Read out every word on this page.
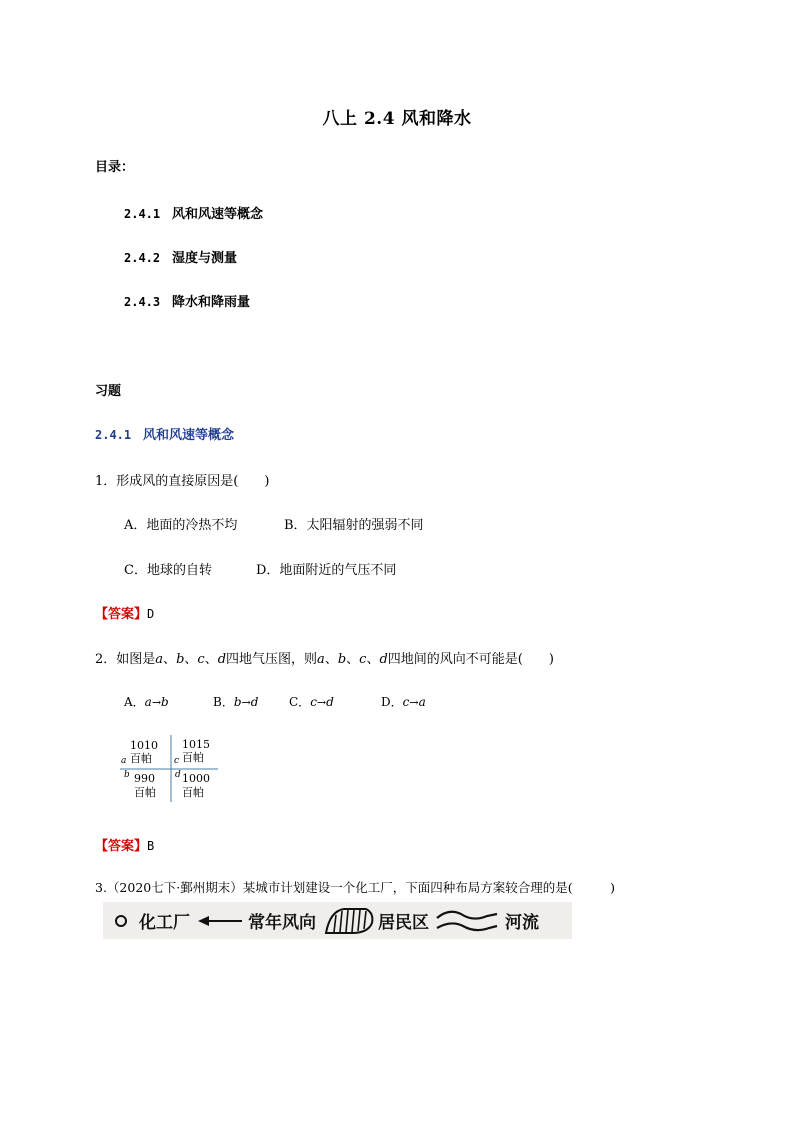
八上 2.4 风和降水
目录：
2.4.1 风和风速等概念
2.4.2 湿度与测量
2.4.3 降水和降雨量
习题
2.4.1 风和风速等概念
1．形成风的直接原因是(　　)
A．地面的冷热不均	B．太阳辐射的强弱不同
C．地球的自转	D．地面附近的气压不同
【答案】D
2．如图是a、b、c、d四地气压图，则a、b、c、d四地间的风向不可能是(　　)
A．a→b	B．b→d	C．c→d	D．c→a
1010
a 百帕
1015
c 百帕
b 990
百帕
d 1000
百帕
【答案】B
3.（2020七下·鄞州期末）某城市计划建设一个化工厂，下面四种布局方案较合理的是(　　　)
化工厂	常年风向	居民区	河流
